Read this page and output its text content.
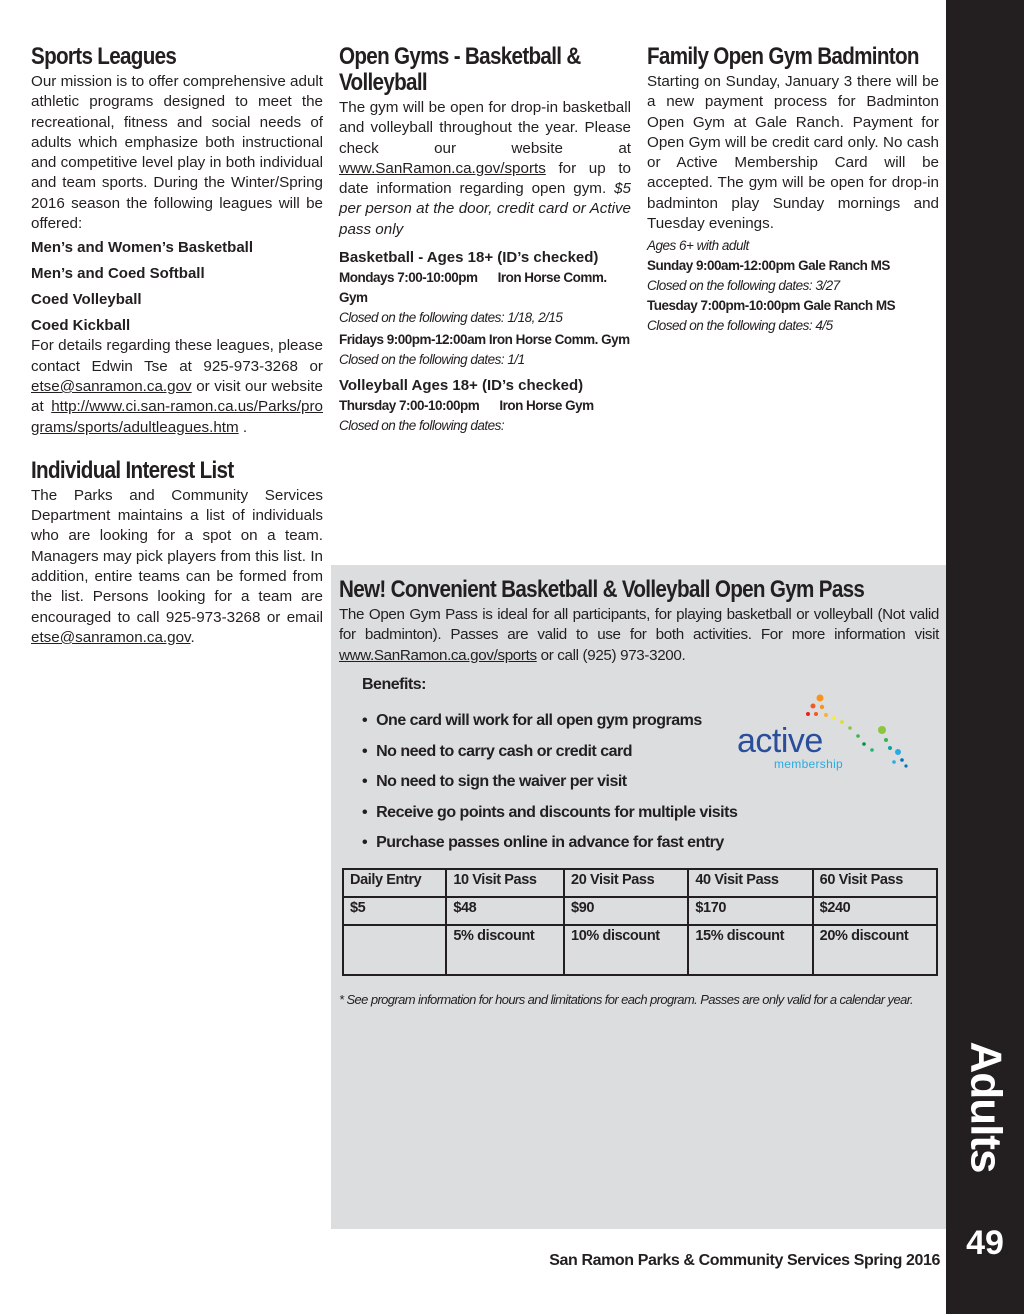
Sports Leagues

Our mission is to offer comprehensive adult athletic programs designed to meet the recreational, fitness and social needs of adults which emphasize both instructional and competitive level play in both individual and team sports. During the Winter/Spring 2016 season the following leagues will be offered:

Men’s and Women’s Basketball
Men’s and Coed Softball
Coed Volleyball
Coed Kickball

For details regarding these leagues, please contact Edwin Tse at 925-973-3268 or etse@sanramon.ca.gov or visit our website at http://www.ci.san-ramon.ca.us/Parks/programs/sports/adultleagues.htm .

Individual Interest List

The Parks and Community Services Department maintains a list of individuals who are looking for a spot on a team. Managers may pick players from this list. In addition, entire teams can be formed from the list. Persons looking for a team are encouraged to call 925-973-3268 or email etse@sanramon.ca.gov.

Open Gyms - Basketball &
Volleyball

The gym will be open for drop-in basketball and volleyball throughout the year. Please check our website at www.SanRamon.ca.gov/sports for up to date information regarding open gym. $5 per person at the door, credit card or Active pass only

Basketball - Ages 18+ (ID’s checked)
Mondays 7:00-10:00pm Iron Horse Comm. Gym
Closed on the following dates: 1/18, 2/15
Fridays 9:00pm-12:00am Iron Horse Comm. Gym
Closed on the following dates: 1/1
Volleyball Ages 18+ (ID’s checked)
Thursday 7:00-10:00pm Iron Horse Gym
Closed on the following dates:
Family Open Gym Badminton

Starting on Sunday, January 3 there will be a new payment process for Badminton Open Gym at Gale Ranch. Payment for Open Gym will be credit card only. No cash or Active Membership Card will be accepted. The gym will be open for drop-in badminton play Sunday mornings and Tuesday evenings.

Ages 6+ with adult
Sunday 9:00am-12:00pm Gale Ranch MS
Closed on the following dates: 3/27
Tuesday 7:00pm-10:00pm Gale Ranch MS
Closed on the following dates: 4/5
New! Convenient Basketball & Volleyball Open Gym Pass

The Open Gym Pass is ideal for all participants, for playing basketball or volleyball (Not valid for badminton). Passes are valid to use for both activities. For more information visit www.SanRamon.ca.gov/sports or call (925) 973-3200.

Benefits:
• One card will work for all open gym programs
• No need to carry cash or credit card
• No need to sign the waiver per visit
• Receive go points and discounts for multiple visits
• Purchase passes online in advance for fast entry
active
membership
Daily Entry	10 Visit Pass	20 Visit Pass	40 Visit Pass	60 Visit Pass
$5	$48	$90	$170	$240
	5% discount	10% discount	15% discount	20% discount
* See program information for hours and limitations for each program. Passes are only valid for a calendar year.
Adults
49
San Ramon Parks & Community Services Spring 2016
